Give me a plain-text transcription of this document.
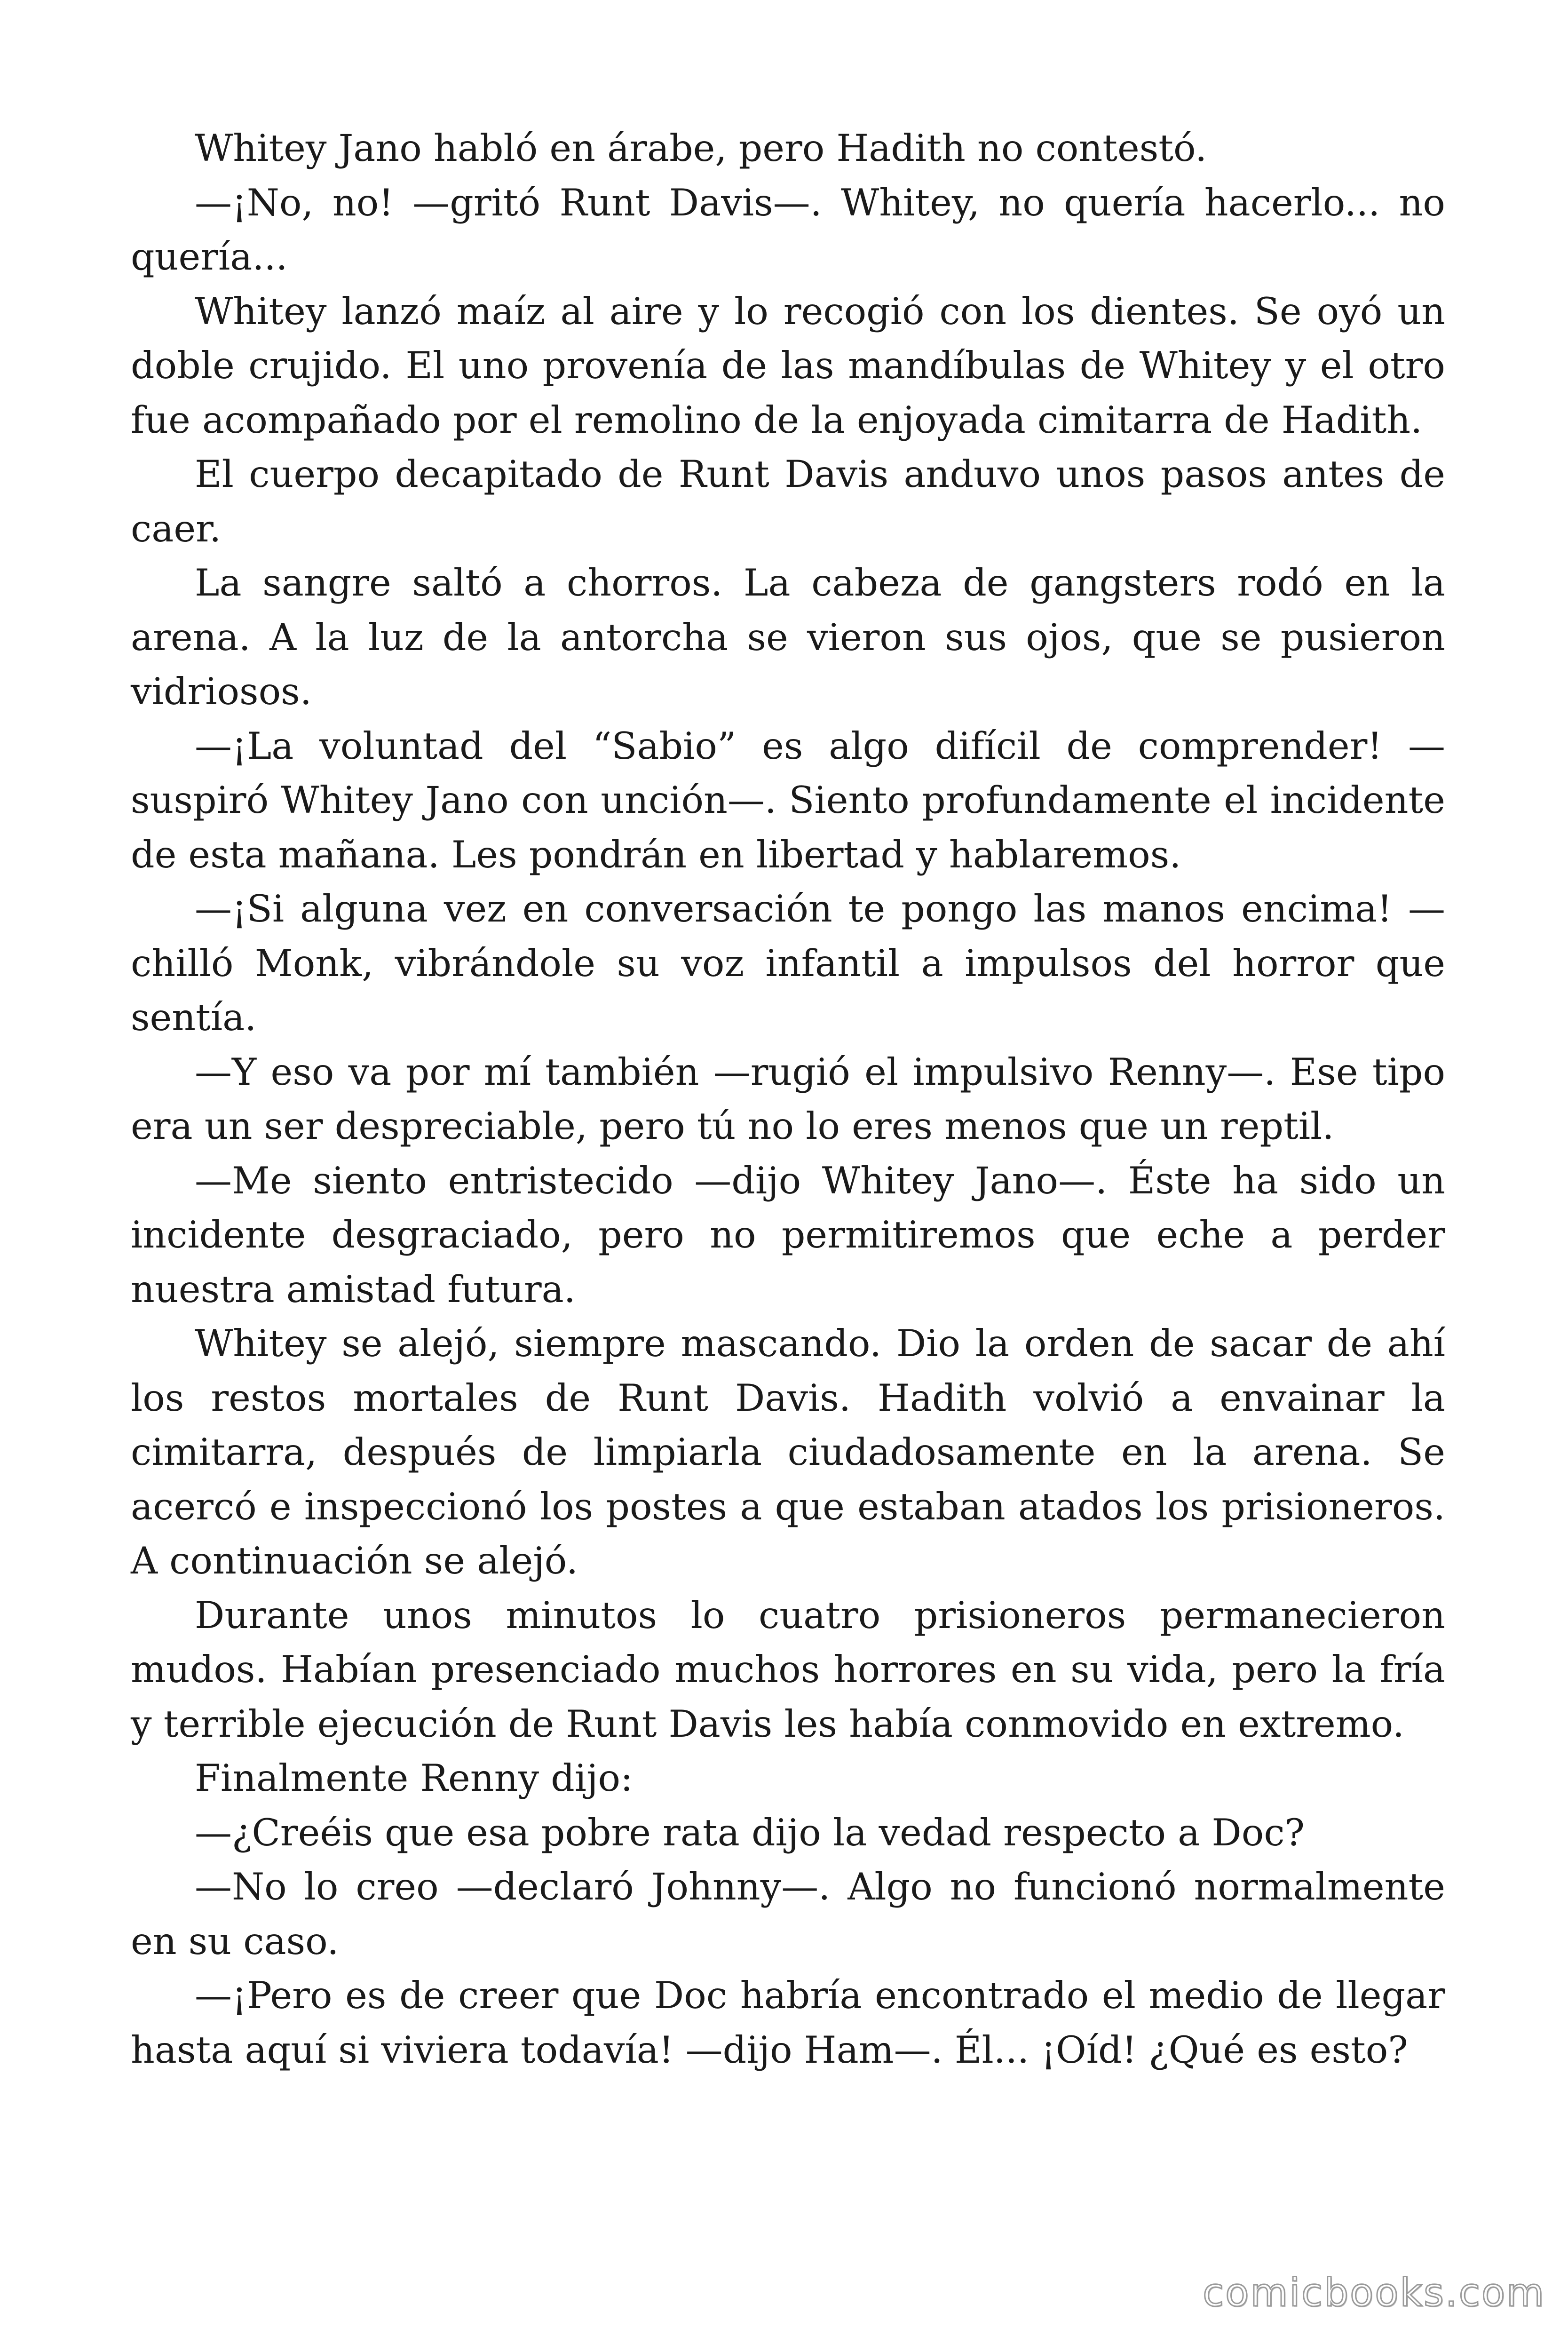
Whitey Jano habló en árabe, pero Hadith no contestó.

—¡No, no! —gritó Runt Davis—. Whitey, no quería hacerlo... no quería...

Whitey lanzó maíz al aire y lo recogió con los dientes. Se oyó un doble crujido. El uno provenía de las mandíbulas de Whitey y el otro fue acompañado por el remolino de la enjoyada cimitarra de Hadith.

El cuerpo decapitado de Runt Davis anduvo unos pasos antes de caer.

La sangre saltó a chorros. La cabeza de gangsters rodó en la arena. A la luz de la antorcha se vieron sus ojos, que se pusieron vidriosos.

—¡La voluntad del “Sabio” es algo difícil de comprender! —suspiró Whitey Jano con unción—. Siento profundamente el incidente de esta mañana. Les pondrán en libertad y hablaremos.

—¡Si alguna vez en conversación te pongo las manos encima! —chilló Monk, vibrándole su voz infantil a impulsos del horror que sentía.

—Y eso va por mí también —rugió el impulsivo Renny—. Ese tipo era un ser despreciable, pero tú no lo eres menos que un reptil.

—Me siento entristecido —dijo Whitey Jano—. Éste ha sido un incidente desgraciado, pero no permitiremos que eche a perder nuestra amistad futura.

Whitey se alejó, siempre mascando. Dio la orden de sacar de ahí los restos mortales de Runt Davis. Hadith volvió a envainar la cimitarra, después de limpiarla ciudadosamente en la arena. Se acercó e inspeccionó los postes a que estaban atados los prisioneros. A continuación se alejó.

Durante unos minutos lo cuatro prisioneros permanecieron mudos. Habían presenciado muchos horrores en su vida, pero la fría y terrible ejecución de Runt Davis les había conmovido en extremo.

Finalmente Renny dijo:

—¿Creéis que esa pobre rata dijo la vedad respecto a Doc?

—No lo creo —declaró Johnny—. Algo no funcionó normalmente en su caso.

—¡Pero es de creer que Doc habría encontrado el medio de llegar hasta aquí si viviera todavía! —dijo Ham—. Él... ¡Oíd! ¿Qué es esto?

comicbooks.com
